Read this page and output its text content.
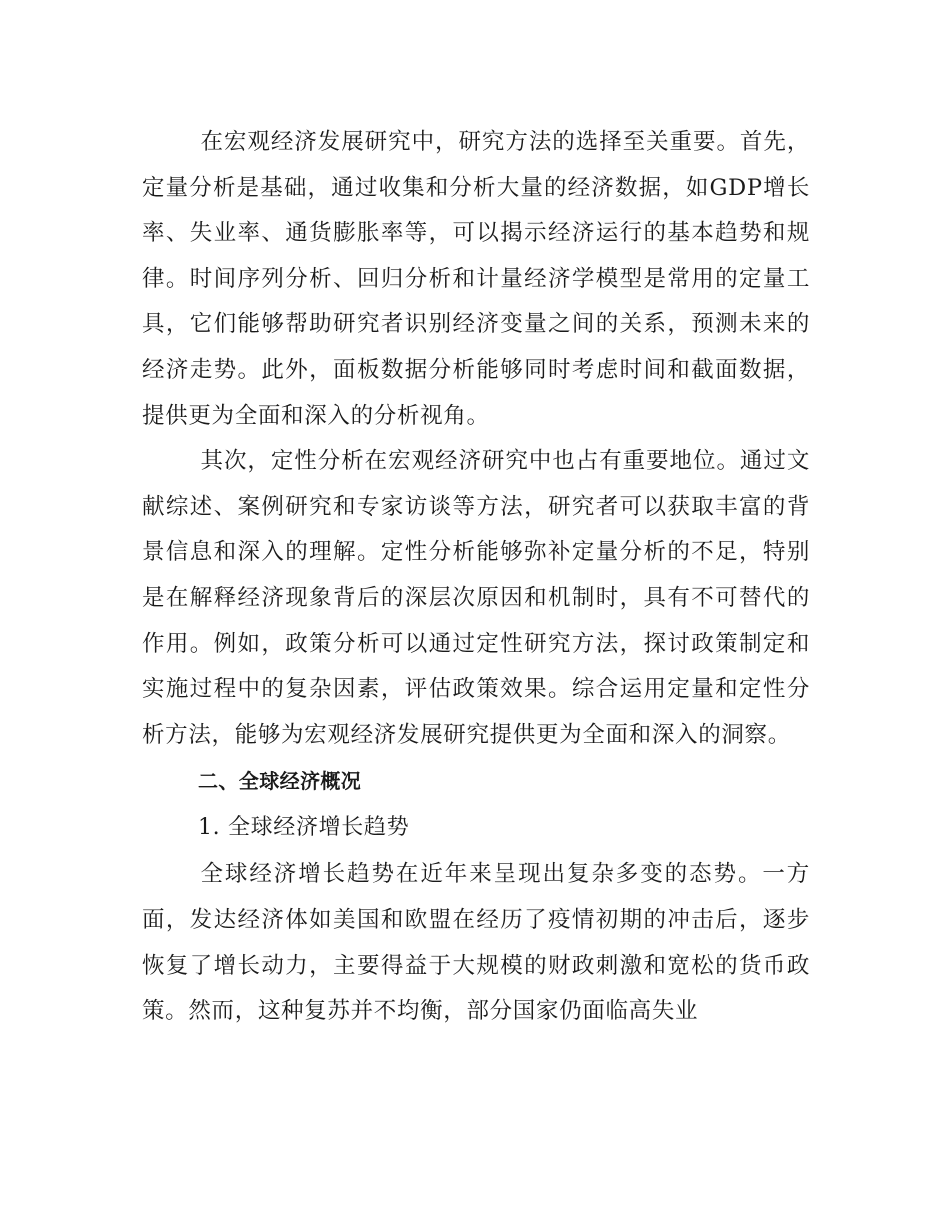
在宏观经济发展研究中，研究方法的选择至关重要。首先，定量分析是基础，通过收集和分析大量的经济数据，如GDP增长率、失业率、通货膨胀率等，可以揭示经济运行的基本趋势和规律。时间序列分析、回归分析和计量经济学模型是常用的定量工具，它们能够帮助研究者识别经济变量之间的关系，预测未来的经济走势。此外，面板数据分析能够同时考虑时间和截面数据，提供更为全面和深入的分析视角。

其次，定性分析在宏观经济研究中也占有重要地位。通过文献综述、案例研究和专家访谈等方法，研究者可以获取丰富的背景信息和深入的理解。定性分析能够弥补定量分析的不足，特别是在解释经济现象背后的深层次原因和机制时，具有不可替代的作用。例如，政策分析可以通过定性研究方法，探讨政策制定和实施过程中的复杂因素，评估政策效果。综合运用定量和定性分析方法，能够为宏观经济发展研究提供更为全面和深入的洞察。

二、全球经济概况

1. 全球经济增长趋势

全球经济增长趋势在近年来呈现出复杂多变的态势。一方面，发达经济体如美国和欧盟在经历了疫情初期的冲击后，逐步恢复了增长动力，主要得益于大规模的财政刺激和宽松的货币政策。然而，这种复苏并不均衡，部分国家仍面临高失业
